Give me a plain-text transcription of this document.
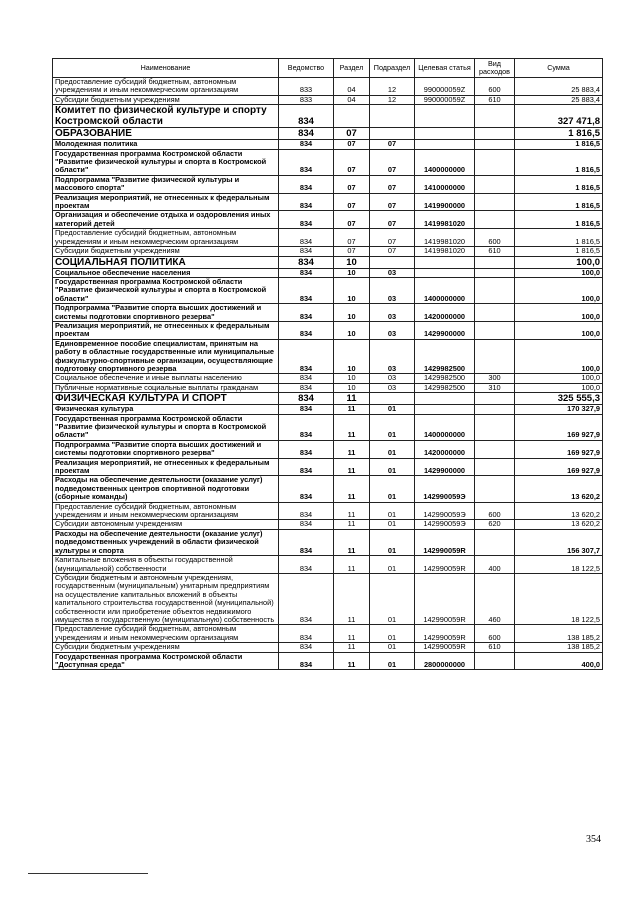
Наименование	Ведомство	Раздел	Подраздел	Целевая статья	Вид расходов	Сумма
Предоставление субсидий бюджетным, автономным учреждениям и иным некоммерческим организациям	833	04	12	990000059Z	600	25 883,4
Субсидии бюджетным учреждениям	833	04	12	990000059Z	610	25 883,4
Комитет по физической культуре и спорту Костромской области	834					327 471,8
ОБРАЗОВАНИЕ	834	07				1 816,5
Молодежная политика	834	07	07			1 816,5
Государственная программа Костромской области "Развитие физической культуры и спорта в Костромской области"	834	07	07	1400000000		1 816,5
Подпрограмма "Развитие физической культуры и массового спорта"	834	07	07	1410000000		1 816,5
Реализация мероприятий, не отнесенных к федеральным проектам	834	07	07	1419900000		1 816,5
Организация и обеспечение отдыха и оздоровления иных категорий детей	834	07	07	1419981020		1 816,5
Предоставление субсидий бюджетным, автономным учреждениям и иным некоммерческим организациям	834	07	07	1419981020	600	1 816,5
Субсидии бюджетным учреждениям	834	07	07	1419981020	610	1 816,5
СОЦИАЛЬНАЯ ПОЛИТИКА	834	10				100,0
Социальное обеспечение населения	834	10	03			100,0
Государственная программа Костромской области "Развитие физической культуры и спорта в Костромской области"	834	10	03	1400000000		100,0
Подпрограмма "Развитие спорта высших достижений и системы подготовки спортивного резерва"	834	10	03	1420000000		100,0
Реализация мероприятий, не отнесенных к федеральным проектам	834	10	03	1429900000		100,0
Единовременное пособие специалистам, принятым на работу в областные государственные или муниципальные физкультурно-спортивные организации, осуществляющие подготовку спортивного резерва	834	10	03	1429982500		100,0
Социальное обеспечение и иные выплаты населению	834	10	03	1429982500	300	100,0
Публичные нормативные социальные выплаты гражданам	834	10	03	1429982500	310	100,0
ФИЗИЧЕСКАЯ КУЛЬТУРА И СПОРТ	834	11				325 555,3
Физическая культура	834	11	01			170 327,9
Государственная программа Костромской области "Развитие физической культуры и спорта в Костромской области"	834	11	01	1400000000		169 927,9
Подпрограмма "Развитие спорта высших достижений и системы подготовки спортивного резерва"	834	11	01	1420000000		169 927,9
Реализация мероприятий, не отнесенных к федеральным проектам	834	11	01	1429900000		169 927,9
Расходы на обеспечение деятельности (оказание услуг) подведомственных центров спортивной подготовки (сборные команды)	834	11	01	142990059Э		13 620,2
Предоставление субсидий бюджетным, автономным учреждениям и иным некоммерческим организациям	834	11	01	142990059Э	600	13 620,2
Субсидии автономным учреждениям	834	11	01	142990059Э	620	13 620,2
Расходы на обеспечение деятельности (оказание услуг) подведомственных учреждений в области физической культуры и спорта	834	11	01	142990059R		156 307,7
Капитальные вложения в объекты государственной (муниципальной) собственности	834	11	01	142990059R	400	18 122,5
Субсидии бюджетным и автономным учреждениям, государственным (муниципальным) унитарным предприятиям на осуществление капитальных вложений в объекты капитального строительства государственной (муниципальной) собственности или приобретение объектов недвижимого имущества в государственную (муниципальную) собственность	834	11	01	142990059R	460	18 122,5
Предоставление субсидий бюджетным, автономным учреждениям и иным некоммерческим организациям	834	11	01	142990059R	600	138 185,2
Субсидии бюджетным учреждениям	834	11	01	142990059R	610	138 185,2
Государственная программа Костромской области "Доступная среда"	834	11	01	2800000000		400,0
354
